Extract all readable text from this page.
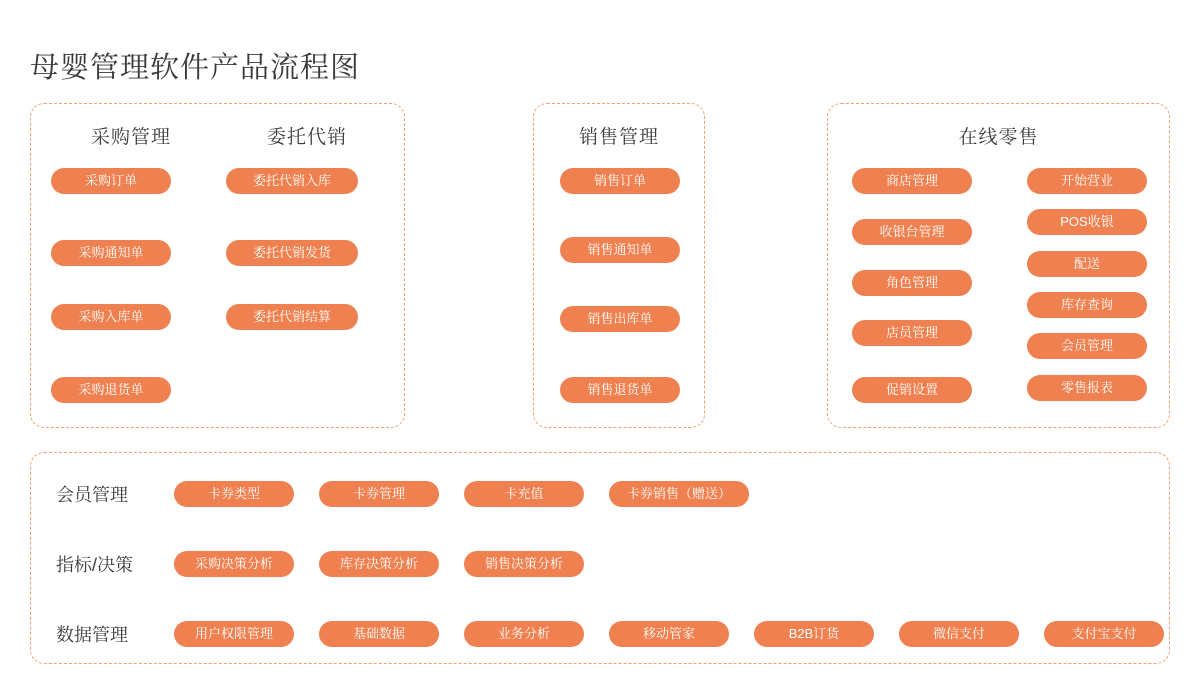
母婴管理软件产品流程图
采购管理	委托代销
采购订单
采购通知单
采购入库单
采购退货单
委托代销入库
委托代销发货
委托代销结算
销售管理
销售订单
销售通知单
销售出库单
销售退货单
在线零售
商店管理
收银台管理
角色管理
店员管理
促销设置
开始营业
POS收银
配送
库存查询
会员管理
零售报表
会员管理	卡券类型	卡券管理	卡充值	卡券销售（赠送）
指标/决策	采购决策分析	库存决策分析	销售决策分析
数据管理	用户权限管理	基础数据	业务分析	移动管家	B2B订货	微信支付	支付宝支付
